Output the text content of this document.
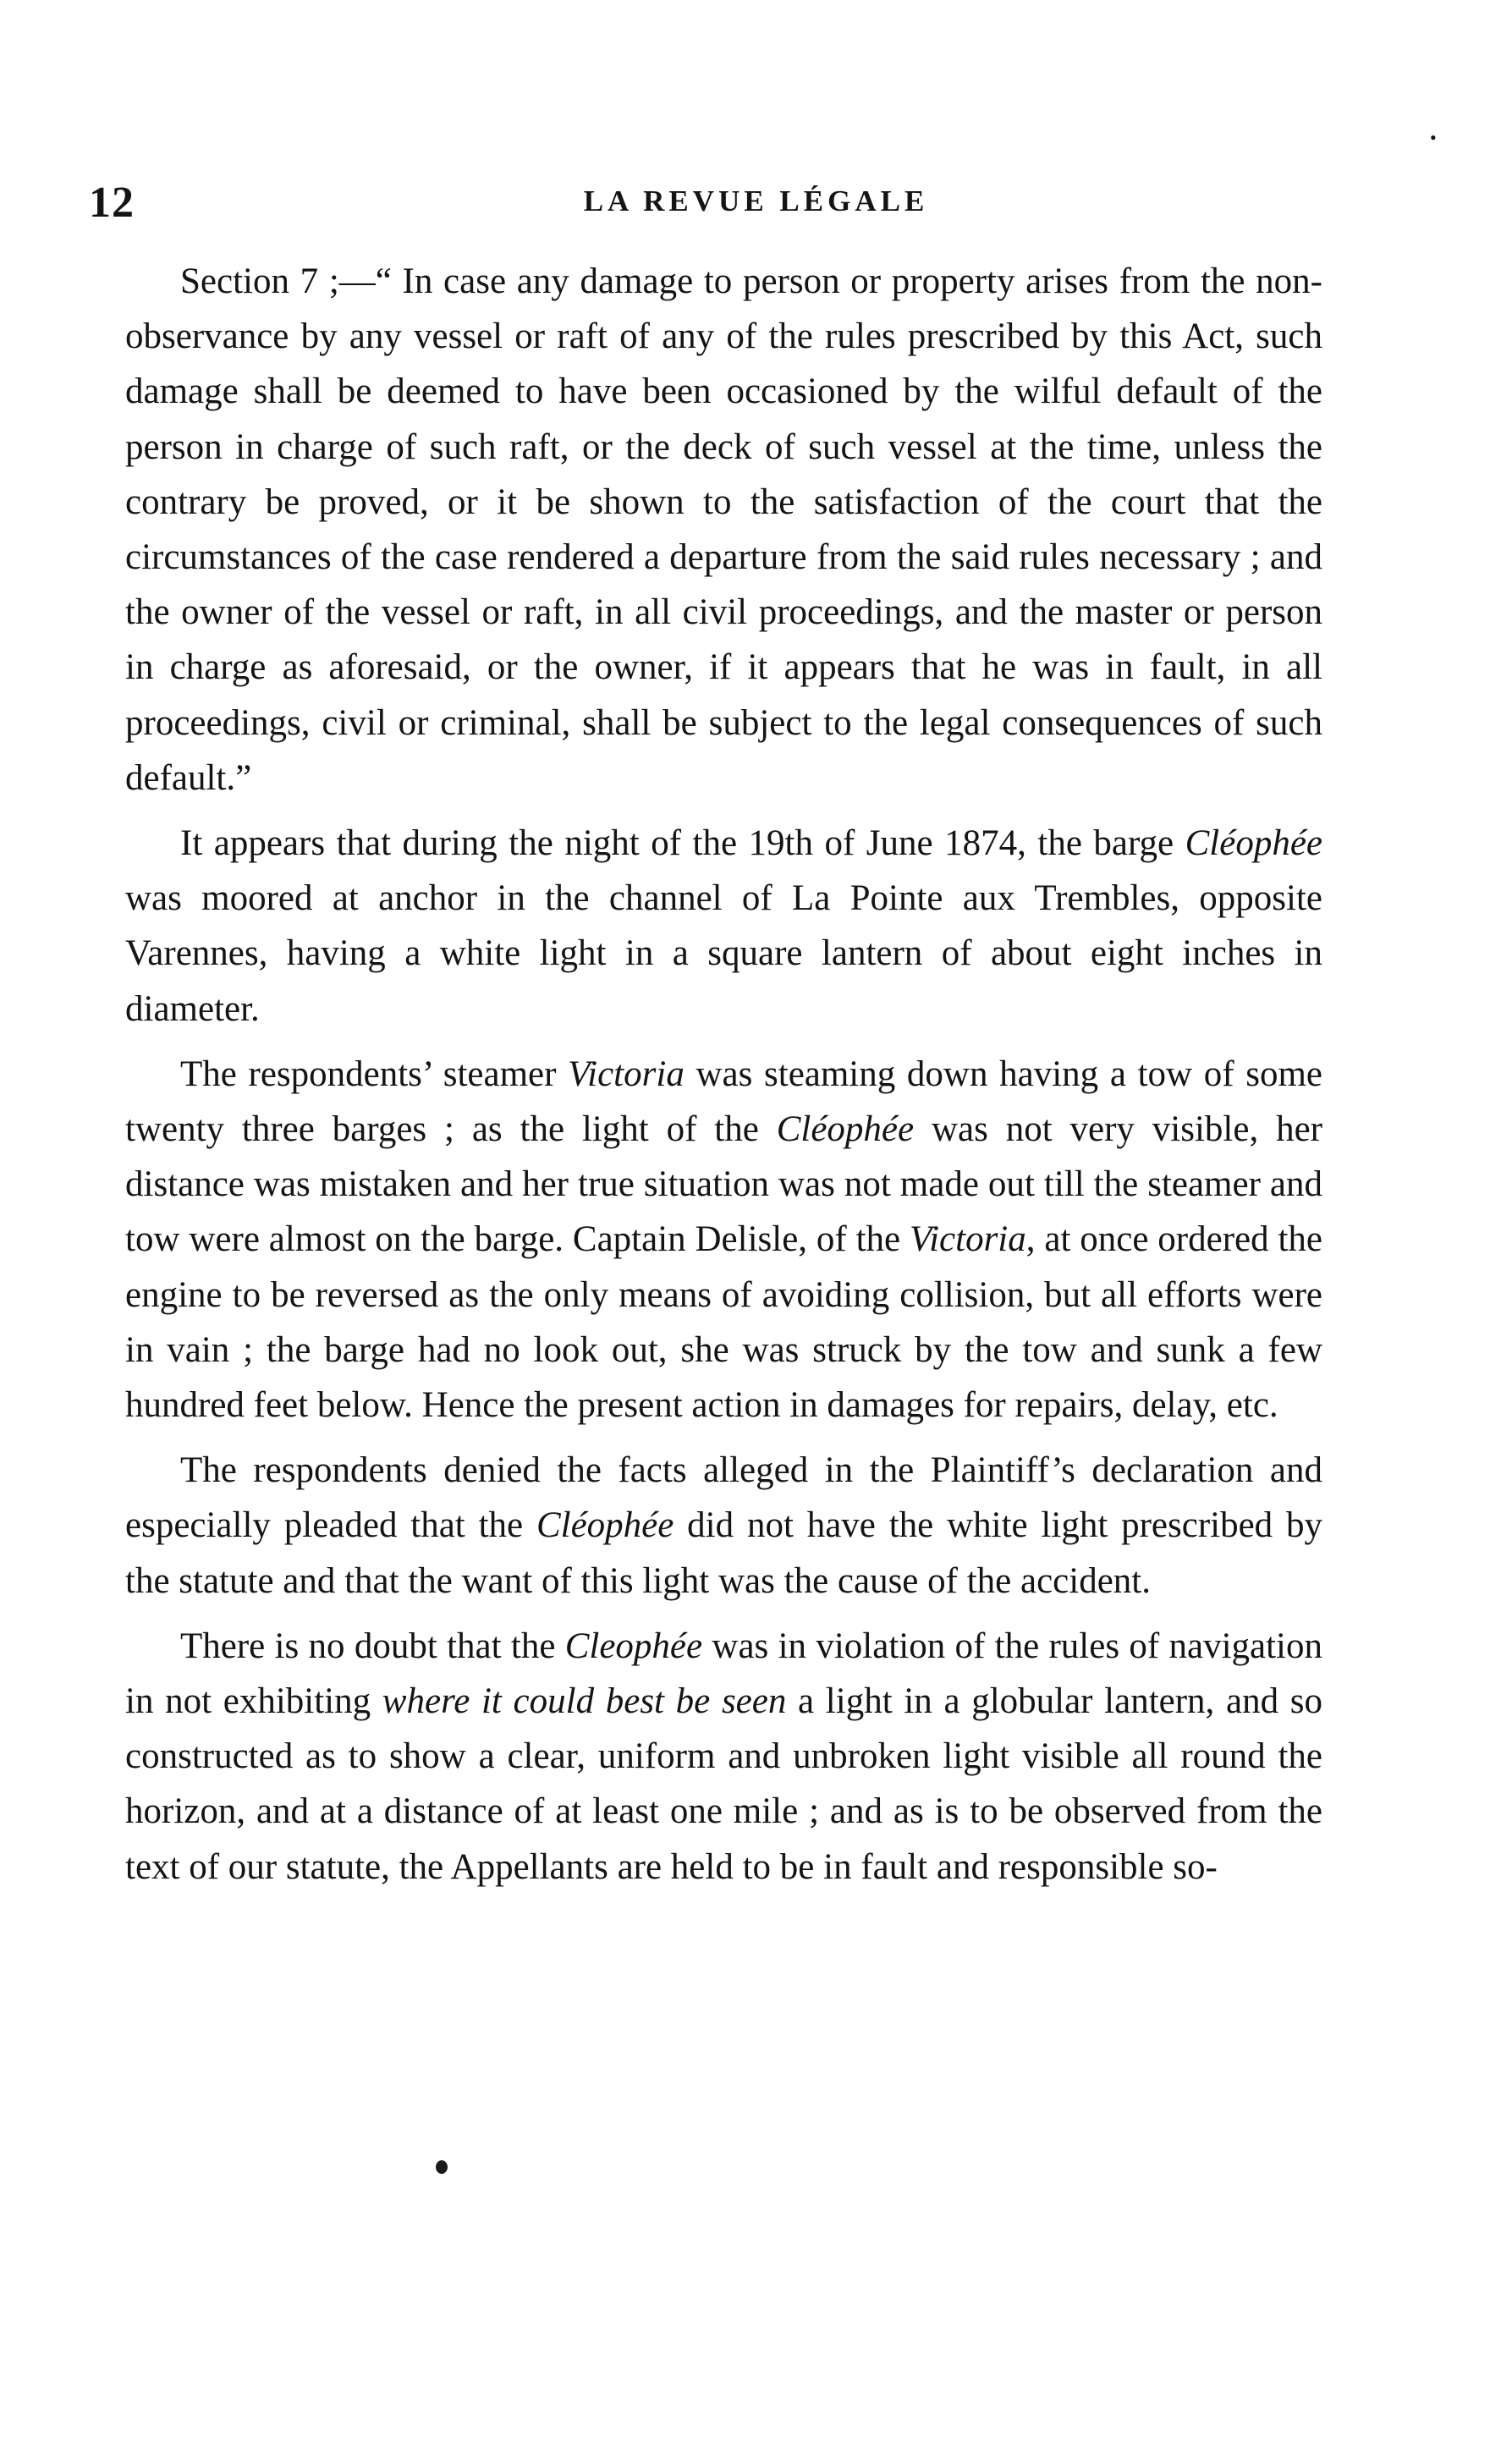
•
12	LA REVUE LÉGALE

Section 7 ;—“ In case any damage to person or property arises from the non-observance by any vessel or raft of any of the rules prescribed by this Act, such damage shall be deemed to have been occasioned by the wilful default of the person in charge of such raft, or the deck of such vessel at the time, unless the contrary be proved, or it be shown to the satisfaction of the court that the circumstances of the case rendered a departure from the said rules necessary ; and the owner of the vessel or raft, in all civil proceedings, and the master or person in charge as aforesaid, or the owner, if it appears that he was in fault, in all proceedings, civil or criminal, shall be subject to the legal consequences of such default.”

It appears that during the night of the 19th of June 1874, the barge Cléophée was moored at anchor in the channel of La Pointe aux Trembles, opposite Varennes, having a white light in a square lantern of about eight inches in diameter.

The respondents’ steamer Victoria was steaming down having a tow of some twenty three barges ; as the light of the Cléophée was not very visible, her distance was mistaken and her true situation was not made out till the steamer and tow were almost on the barge. Captain Delisle, of the Victoria, at once ordered the engine to be reversed as the only means of avoiding collision, but all efforts were in vain ; the barge had no look out, she was struck by the tow and sunk a few hundred feet below. Hence the present action in damages for repairs, delay, etc.

The respondents denied the facts alleged in the Plaintiff’s declaration and especially pleaded that the Cléophée did not have the white light prescribed by the statute and that the want of this light was the cause of the accident.

There is no doubt that the Cleophée was in violation of the rules of navigation in not exhibiting where it could best be seen a light in a globular lantern, and so constructed as to show a clear, uniform and unbroken light visible all round the horizon, and at a distance of at least one mile ; and as is to be observed from the text of our statute, the Appellants are held to be in fault and responsible so-
